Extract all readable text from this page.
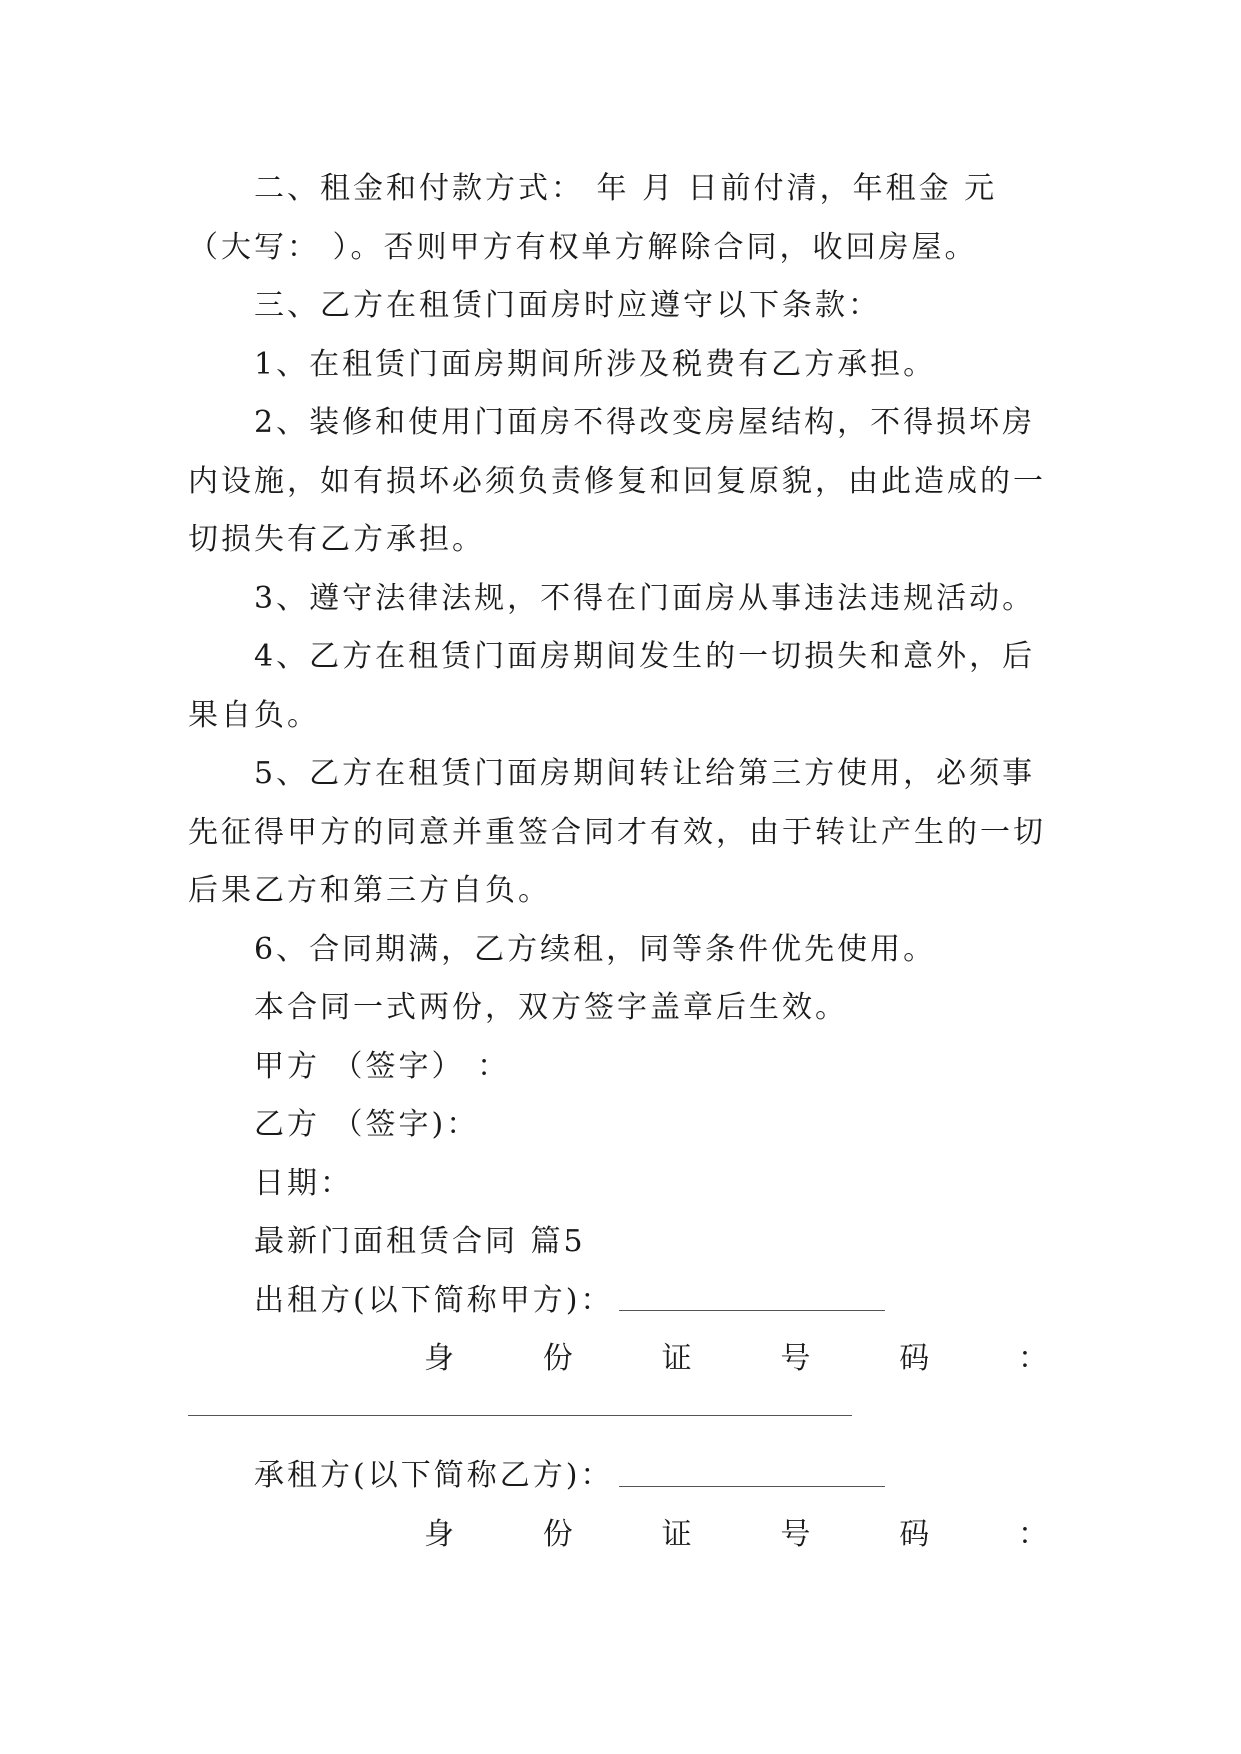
二、租金和付款方式： 年 月 日前付清，年租金 元
（大写： ）。否则甲方有权单方解除合同，收回房屋。
三、乙方在租赁门面房时应遵守以下条款：
1、在租赁门面房期间所涉及税费有乙方承担。
2、装修和使用门面房不得改变房屋结构，不得损坏房
内设施，如有损坏必须负责修复和回复原貌，由此造成的一
切损失有乙方承担。
3、遵守法律法规，不得在门面房从事违法违规活动。
4、乙方在租赁门面房期间发生的一切损失和意外，后
果自负。
5、乙方在租赁门面房期间转让给第三方使用，必须事
先征得甲方的同意并重签合同才有效，由于转让产生的一切
后果乙方和第三方自负。
6、合同期满，乙方续租，同等条件优先使用。
本合同一式两份，双方签字盖章后生效。
甲方 （签字） ：
乙方 （签字)：
日期：
最新门面租赁合同 篇5
出租方(以下简称甲方)：
身	份	证	号	码	：
承租方(以下简称乙方)：
身	份	证	号	码	：
